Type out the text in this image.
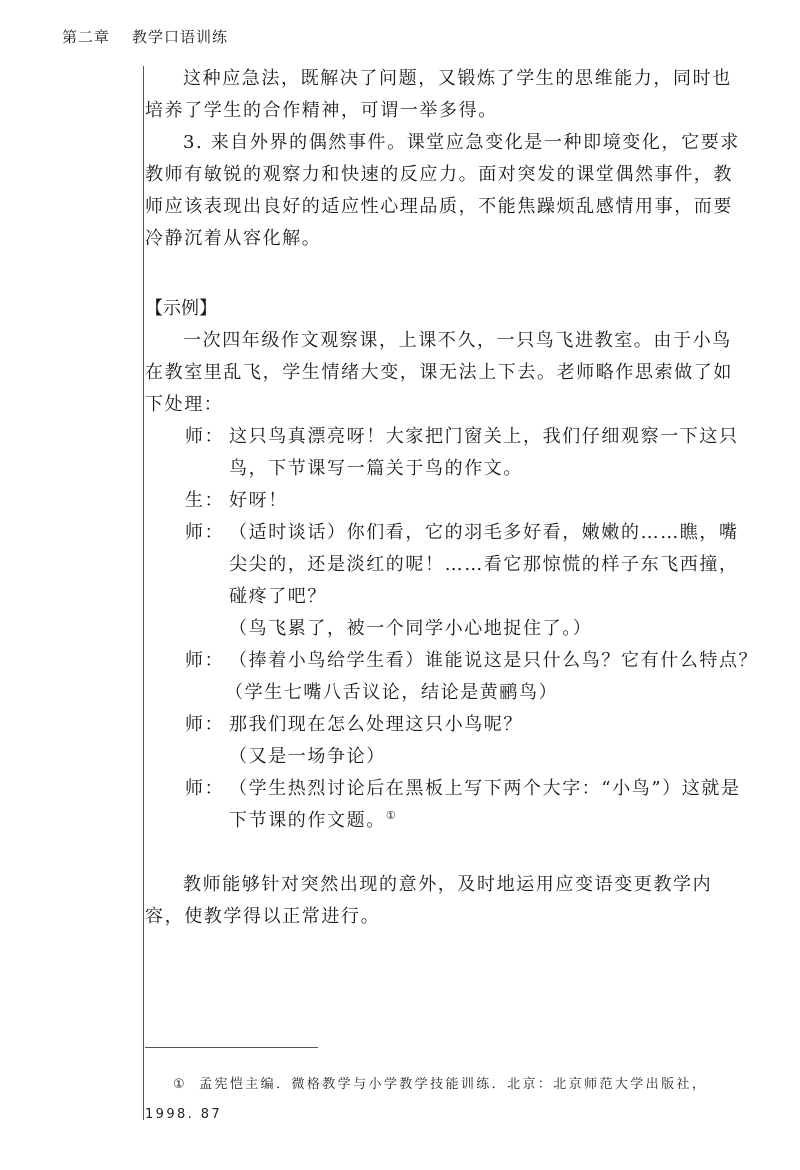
第二章 教学口语训练

这种应急法，既解决了问题，又锻炼了学生的思维能力，同时也
培养了学生的合作精神，可谓一举多得。

3. 来自外界的偶然事件。课堂应急变化是一种即境变化，它要求
教师有敏锐的观察力和快速的反应力。面对突发的课堂偶然事件，教
师应该表现出良好的适应性心理品质，不能焦躁烦乱感情用事，而要
冷静沉着从容化解。

【示例】

一次四年级作文观察课，上课不久，一只鸟飞进教室。由于小鸟
在教室里乱飞，学生情绪大变，课无法上下去。老师略作思索做了如
下处理：

师： 这只鸟真漂亮呀！大家把门窗关上，我们仔细观察一下这只
鸟，下节课写一篇关于鸟的作文。
生： 好呀！
师： （适时谈话）你们看，它的羽毛多好看，嫩嫩的……瞧，嘴
尖尖的，还是淡红的呢！……看它那惊慌的样子东飞西撞，
碰疼了吧？

（鸟飞累了，被一个同学小心地捉住了。）

师： （捧着小鸟给学生看）谁能说这是只什么鸟？它有什么特点？

（学生七嘴八舌议论，结论是黄鹂鸟）

师： 那我们现在怎么处理这只小鸟呢？

（又是一场争论）

师： （学生热烈讨论后在黑板上写下两个大字：“小鸟”）这就是
下节课的作文题。①

教师能够针对突然出现的意外，及时地运用应变语变更教学内
容，使教学得以正常进行。

① 孟宪恺主编．微格教学与小学教学技能训练．北京：北京师范大学出版社，
1998. 87
